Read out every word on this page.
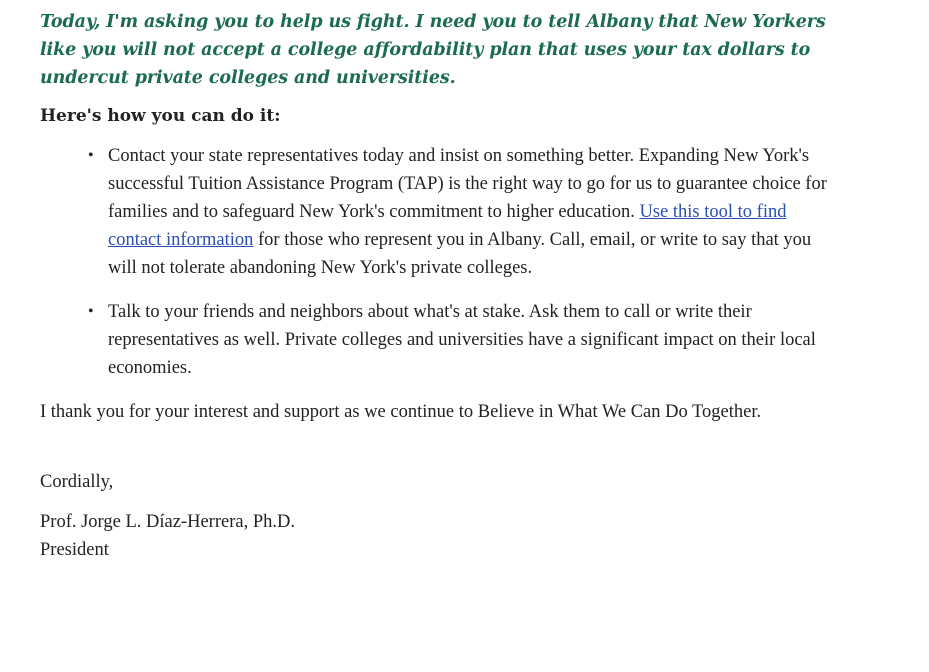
Today, I'm asking you to help us fight. I need you to tell Albany that New Yorkers like you will not accept a college affordability plan that uses your tax dollars to undercut private colleges and universities.

Here's how you can do it:

• Contact your state representatives today and insist on something better. Expanding New York's successful Tuition Assistance Program (TAP) is the right way to go for us to guarantee choice for families and to safeguard New York's commitment to higher education. Use this tool to find contact information for those who represent you in Albany. Call, email, or write to say that you will not tolerate abandoning New York's private colleges.
• Talk to your friends and neighbors about what's at stake. Ask them to call or write their representatives as well. Private colleges and universities have a significant impact on their local economies.

I thank you for your interest and support as we continue to Believe in What We Can Do Together.

Cordially,

Prof. Jorge L. Díaz-Herrera, Ph.D.
President
